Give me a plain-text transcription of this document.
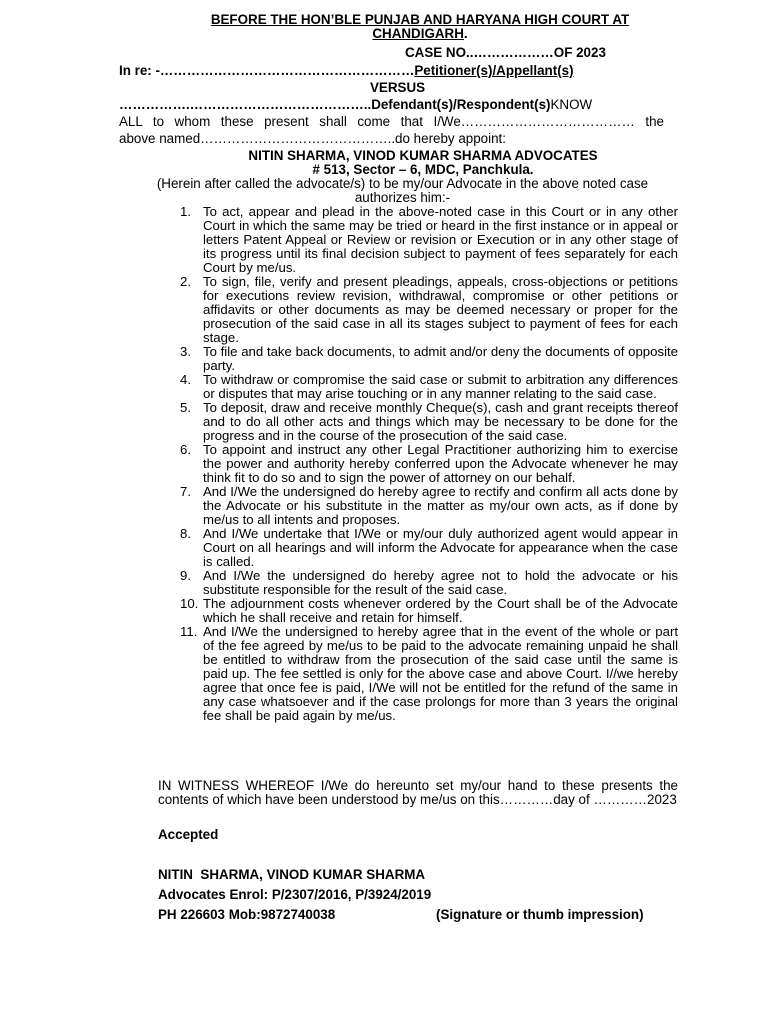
BEFORE THE HON’BLE PUNJAB AND HARYANA HIGH COURT AT CHANDIGARH.
CASE NO..………………OF 2023
In re: -…………………………………………………Petitioner(s)/Appellant(s)
VERSUS
…………….…………………………………..Defendant(s)/Respondent(s)KNOW
ALL to whom these present shall come that I/We………………………………… the
above named……………………………………..do hereby appoint:
NITIN SHARMA, VINOD KUMAR SHARMA ADVOCATES
# 513, Sector – 6, MDC, Panchkula.
(Herein after called the advocate/s) to be my/our Advocate in the above noted case authorizes him:-
1. To act, appear and plead in the above-noted case in this Court or in any other Court in which the same may be tried or heard in the first instance or in appeal or letters Patent Appeal or Review or revision or Execution or in any other stage of its progress until its final decision subject to payment of fees separately for each Court by me/us.
2. To sign, file, verify and present pleadings, appeals, cross-objections or petitions for executions review revision, withdrawal, compromise or other petitions or affidavits or other documents as may be deemed necessary or proper for the prosecution of the said case in all its stages subject to payment of fees for each stage.
3. To file and take back documents, to admit and/or deny the documents of opposite party.
4. To withdraw or compromise the said case or submit to arbitration any differences or disputes that may arise touching or in any manner relating to the said case.
5. To deposit, draw and receive monthly Cheque(s), cash and grant receipts thereof and to do all other acts and things which may be necessary to be done for the progress and in the course of the prosecution of the said case.
6. To appoint and instruct any other Legal Practitioner authorizing him to exercise the power and authority hereby conferred upon the Advocate whenever he may think fit to do so and to sign the power of attorney on our behalf.
7. And I/We the undersigned do hereby agree to rectify and confirm all acts done by the Advocate or his substitute in the matter as my/our own acts, as if done by me/us to all intents and proposes.
8. And I/We undertake that I/We or my/our duly authorized agent would appear in Court on all hearings and will inform the Advocate for appearance when the case is called.
9. And I/We the undersigned do hereby agree not to hold the advocate or his substitute responsible for the result of the said case.
10. The adjournment costs whenever ordered by the Court shall be of the Advocate which he shall receive and retain for himself.
11. And I/We the undersigned to hereby agree that in the event of the whole or part of the fee agreed by me/us to be paid to the advocate remaining unpaid he shall be entitled to withdraw from the prosecution of the said case until the same is paid up. The fee settled is only for the above case and above Court. I//we hereby agree that once fee is paid, I/We will not be entitled for the refund of the same in any case whatsoever and if the case prolongs for more than 3 years the original fee shall be paid again by me/us.
IN WITNESS WHEREOF I/We do hereunto set my/our hand to these presents the contents of which have been understood by me/us on this…………day of …………2023
Accepted
NITIN  SHARMA, VINOD KUMAR SHARMA
Advocates Enrol: P/2307/2016, P/3924/2019
PH 226603 Mob:9872740038	(Signature or thumb impression)
